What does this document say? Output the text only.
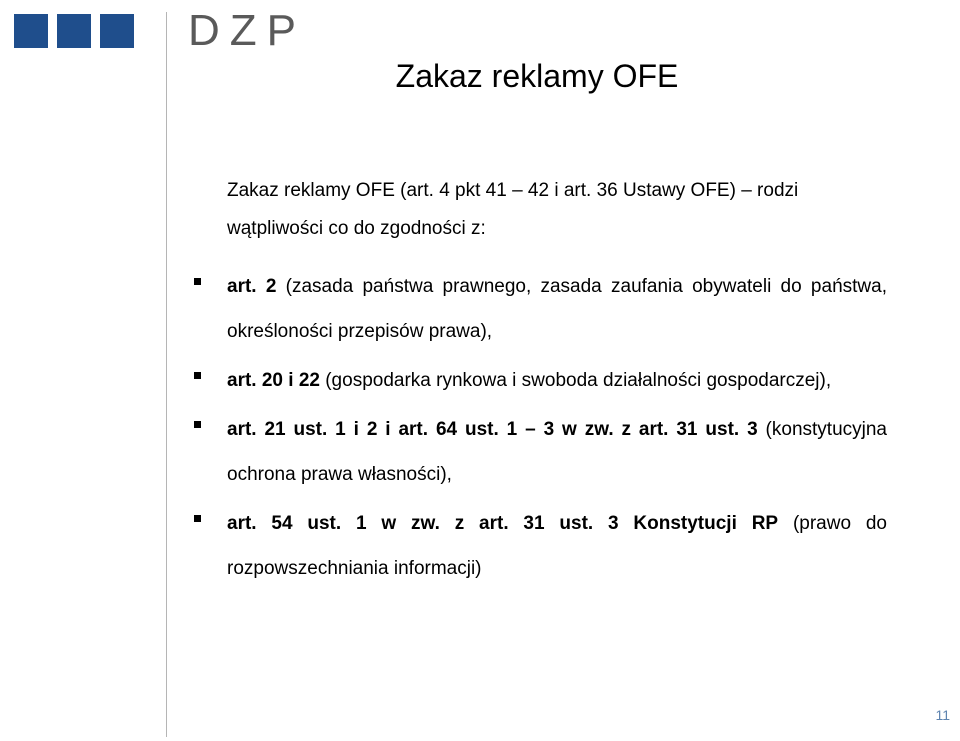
DZP
Zakaz reklamy OFE
Zakaz reklamy OFE (art. 4 pkt 41 – 42 i art. 36 Ustawy OFE) – rodzi wątpliwości co do zgodności z:
art. 2 (zasada państwa prawnego, zasada zaufania obywateli do państwa, określoności przepisów prawa),
art. 20 i 22 (gospodarka rynkowa i swoboda działalności gospodarczej),
art. 21 ust. 1 i 2 i art. 64 ust. 1 – 3 w zw. z art. 31 ust. 3 (konstytucyjna ochrona prawa własności),
art. 54 ust. 1 w zw. z art. 31 ust. 3 Konstytucji RP (prawo do rozpowszechniania informacji)
11
